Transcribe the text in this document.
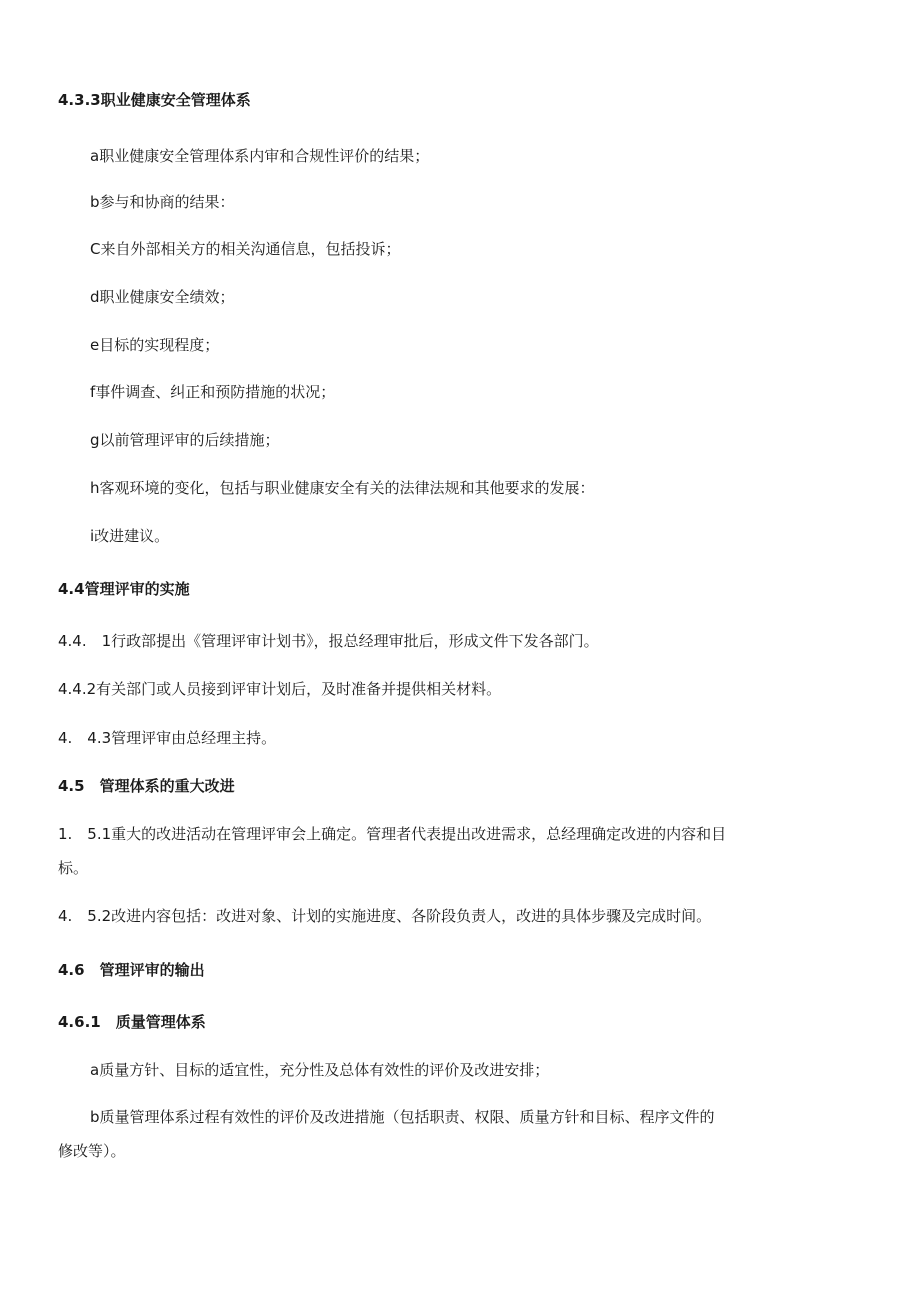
4.3.3职业健康安全管理体系
a职业健康安全管理体系内审和合规性评价的结果；
b参与和协商的结果：
C来自外部相关方的相关沟通信息，包括投诉；
d职业健康安全绩效；
e目标的实现程度；
f事件调查、纠正和预防措施的状况；
g以前管理评审的后续措施；
h客观环境的变化，包括与职业健康安全有关的法律法规和其他要求的发展：
i改进建议。
4.4管理评审的实施
4.4.　1行政部提出《管理评审计划书》，报总经理审批后，形成文件下发各部门。
4.4.2有关部门或人员接到评审计划后，及时准备并提供相关材料。
4.　4.3管理评审由总经理主持。
4.5　管理体系的重大改进
1.　5.1重大的改进活动在管理评审会上确定。管理者代表提出改进需求，总经理确定改进的内容和目
标。
4.　5.2改进内容包括：改进对象、计划的实施进度、各阶段负责人，改进的具体步骤及完成时间。
4.6　管理评审的输出
4.6.1　质量管理体系
a质量方针、目标的适宜性，充分性及总体有效性的评价及改进安排；
b质量管理体系过程有效性的评价及改进措施（包括职责、权限、质量方针和目标、程序文件的
修改等）。
